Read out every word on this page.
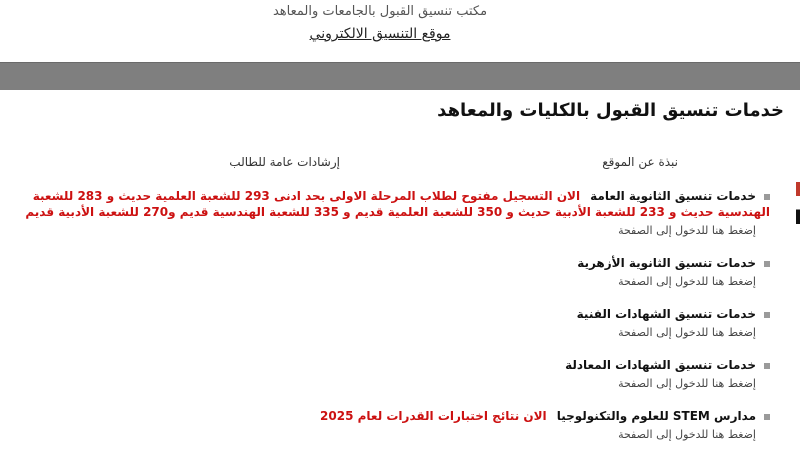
مكتب تنسيق القبول بالجامعات والمعاهد
موقع التنسيق الالكتروني
خدمات تنسيق القبول بالكليات والمعاهد
نبذة عن الموقع
إرشادات عامة للطالب
خدمات تنسيق الثانوية العامةالان التسجيل مفتوح لطلاب المرحلة الاولى بحد ادنى 293 للشعبة العلمية حديث و 283 للشعبة الهندسية حديث و 233 للشعبة الأدبية حديث و 350 للشعبة العلمية قديم و 335 للشعبة الهندسية قديم و270 للشعبة الأدبية قديم
إضغط هنا للدخول إلى الصفحة
خدمات تنسيق الثانوية الأزهرية
إضغط هنا للدخول إلى الصفحة
خدمات تنسيق الشهادات الفنية
إضغط هنا للدخول إلى الصفحة
خدمات تنسيق الشهادات المعادلة
إضغط هنا للدخول إلى الصفحة
مدارس STEM للعلوم والتكنولوجياالان نتائج اختبارات القدرات لعام 2025
إضغط هنا للدخول إلى الصفحة
